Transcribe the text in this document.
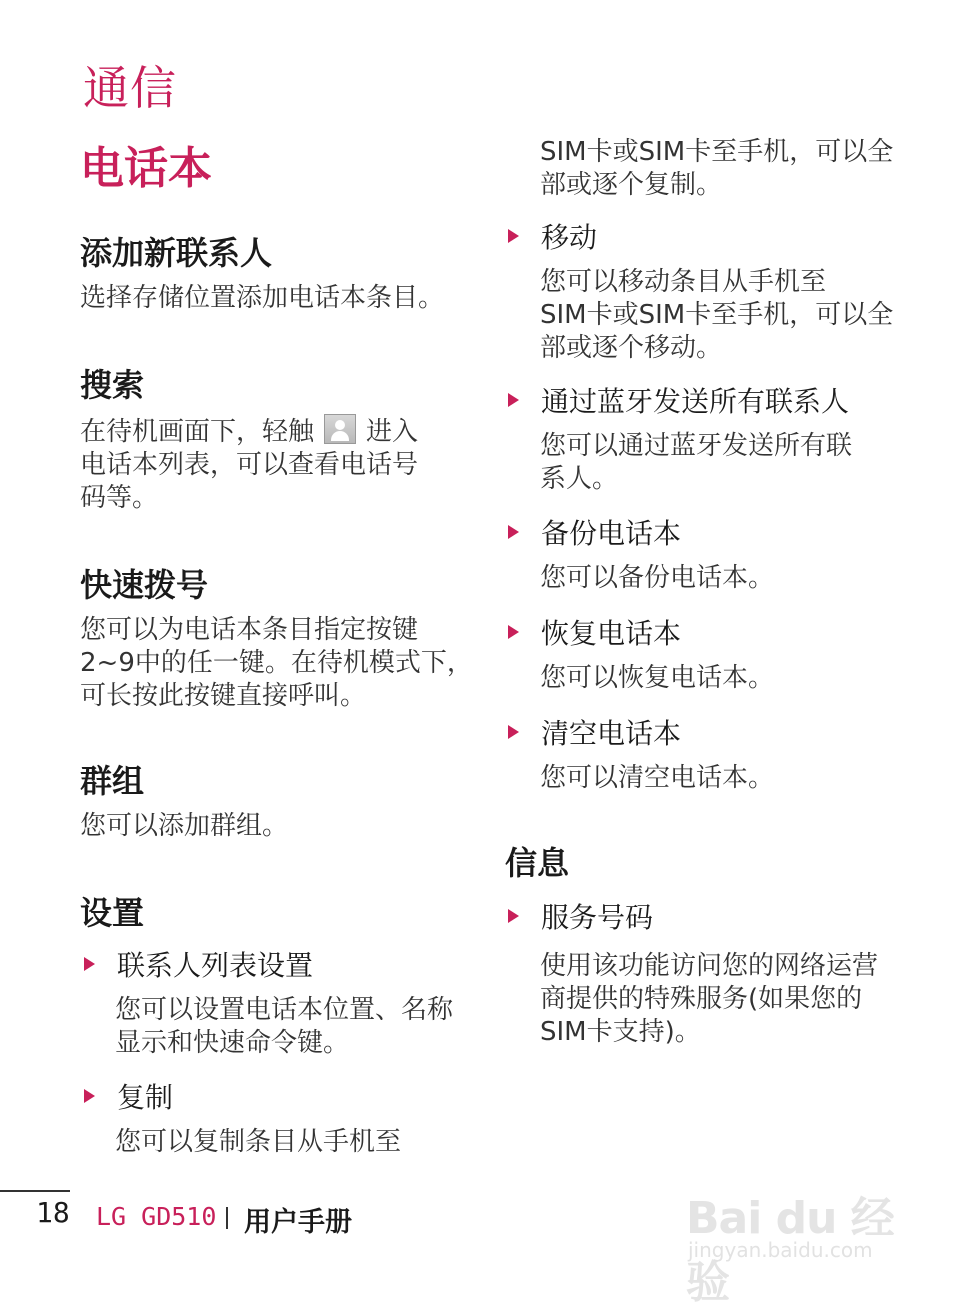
通信
电话本
添加新联系人
选择存储位置添加电话本条目。
搜索
在待机画面下，轻触 进入
电话本列表，可以查看电话号
码等。
快速拨号
您可以为电话本条目指定按键
2~9中的任一键。在待机模式下，
可长按此按键直接呼叫。
群组
您可以添加群组。
设置
联系人列表设置
您可以设置电话本位置、名称
显示和快速命令键。
复制
您可以复制条目从手机至
SIM卡或SIM卡至手机，可以全
部或逐个复制。
移动
您可以移动条目从手机至
SIM卡或SIM卡至手机，可以全
部或逐个移动。
通过蓝牙发送所有联系人
您可以通过蓝牙发送所有联
系人。
备份电话本
您可以备份电话本。
恢复电话本
您可以恢复电话本。
清空电话本
您可以清空电话本。
信息
服务号码
使用该功能访问您的网络运营
商提供的特殊服务(如果您的
SIM卡支持)。
18 LG GD510 用户手册	Bai du 经验
jingyan.baidu.com
